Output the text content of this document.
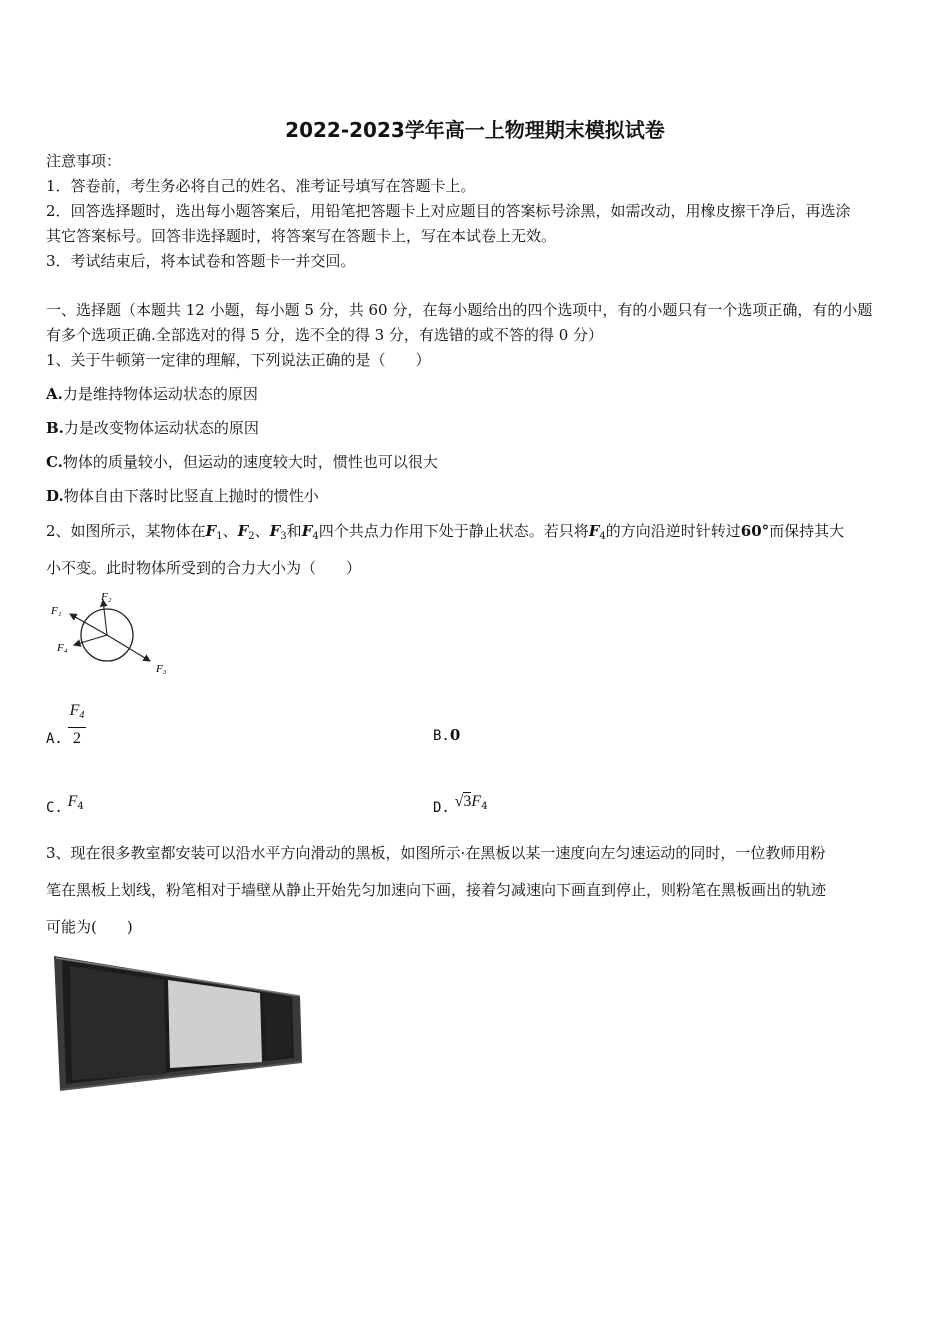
2022-2023学年高一上物理期末模拟试卷
注意事项：
1．答卷前，考生务必将自己的姓名、准考证号填写在答题卡上。
2．回答选择题时，选出每小题答案后，用铅笔把答题卡上对应题目的答案标号涂黑，如需改动，用橡皮擦干净后，再选涂
其它答案标号。回答非选择题时，将答案写在答题卡上，写在本试卷上无效。
3．考试结束后，将本试卷和答题卡一并交回。
一、选择题（本题共 12 小题，每小题 5 分，共 60 分，在每小题给出的四个选项中，有的小题只有一个选项正确，有的小题
有多个选项正确.全部选对的得 5 分，选不全的得 3 分，有选错的或不答的得 0 分）
1、关于牛顿第一定律的理解，下列说法正确的是（　　）
A.力是维持物体运动状态的原因
B.力是改变物体运动状态的原因
C.物体的质量较小，但运动的速度较大时，惯性也可以很大
D.物体自由下落时比竖直上抛时的惯性小
2、如图所示，某物体在$F_1$、$F_2$、$F_3$和$F_4$四个共点力作用下处于静止状态。若只将$F_4$的方向沿逆时针转过60°而保持其大
小不变。此时物体所受到的合力大小为（　　）
F₁
F₂
F₃
F₄
A. $\frac{F_4}{2}$	B.0
C. $F_4$	D. $√3F_4$
3、现在很多教室都安装可以沿水平方向滑动的黑板，如图所示·在黑板以某一速度向左匀速运动的同时，一位教师用粉
笔在黑板上划线，粉笔相对于墙壁从静止开始先匀加速向下画，接着匀减速向下画直到停止，则粉笔在黑板画出的轨迹
可能为(　　)
